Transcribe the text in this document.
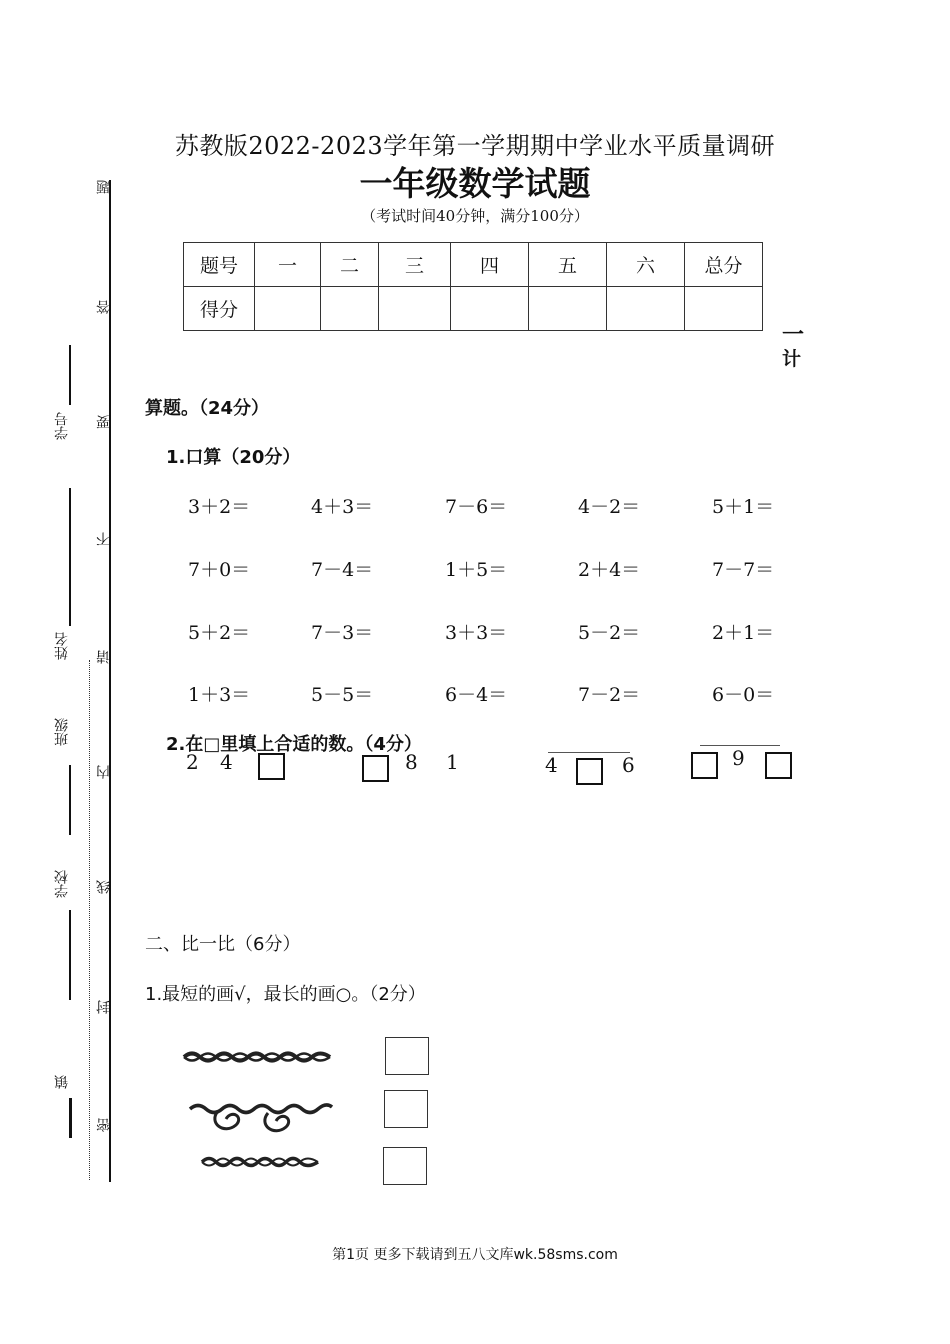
学号
姓名
班级
学校
镇
题
答
要
不
请
内
线
封
密
苏教版2022-2023学年第一学期期中学业水平质量调研
一年级数学试题
（考试时间40分钟，满分100分）
题号	一	二	三	四	五	六	总分
得分							
一
计
算题。（24分）
1.口算（20分）
3＋2＝	4＋3＝	7－6＝	4－2＝	5＋1＝
7＋0＝	7－4＝	1＋5＝	2＋4＝	7－7＝
5＋2＝	7－3＝	3＋3＝	5－2＝	2＋1＝
1＋3＝	5－5＝	6－4＝	7－2＝	6－0＝
2 4
2.在□里填上合适的数。（4分）
8 1	4	6	9
二、比一比（6分）
1.最短的画√，最长的画○。（2分）
第1页 更多下载请到五八文库wk.58sms.com
